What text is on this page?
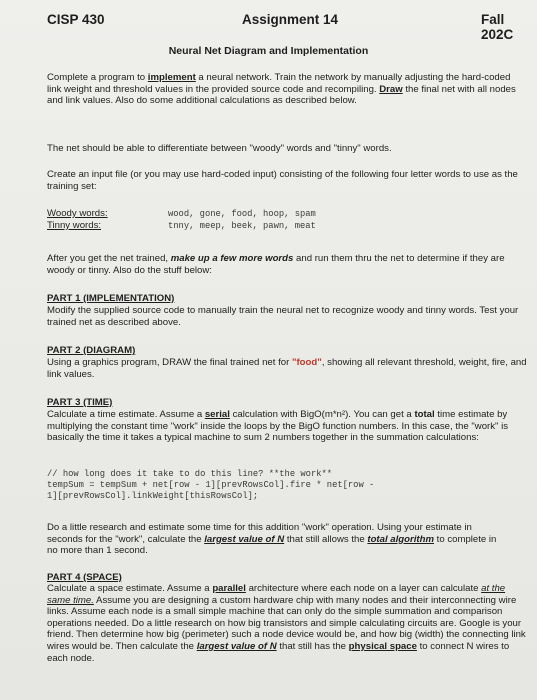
CISP 430	Assignment 14	Fall 202C
Neural Net Diagram and Implementation
Complete a program to implement a neural network. Train the network by manually adjusting the hard-coded link weight and threshold values in the provided source code and recompiling. Draw the final net with all nodes and link values. Also do some additional calculations as described below.
The net should be able to differentiate between "woody" words and "tinny" words.
Create an input file (or you may use hard-coded input) consisting of the following four letter words to use as the training set:
Woody words:	wood, gone, food, hoop, spam
Tinny words:	tnny, meep, beek, pawn, meat
After you get the net trained, make up a few more words and run them thru the net to determine if they are woody or tinny. Also do the stuff below:
PART 1 (IMPLEMENTATION)
Modify the supplied source code to manually train the neural net to recognize woody and tinny words. Test your trained net as described above.
PART 2 (DIAGRAM)
Using a graphics program, DRAW the final trained net for "food", showing all relevant threshold, weight, fire, and link values.
PART 3 (TIME)
Calculate a time estimate. Assume a serial calculation with BigO(m*n²). You can get a total time estimate by multiplying the constant time "work" inside the loops by the BigO function numbers. In this case, the "work" is basically the time it takes a typical machine to sum 2 numbers together in the summation calculations:
// how long does it take to do this line? **the work**
tempSum = tempSum + net[row - 1][prevRowsCol].fire * net[row -
1][prevRowsCol].linkWeight[thisRowsCol];
Do a little research and estimate some time for this addition "work" operation. Using your estimate in seconds for the "work", calculate the largest value of N that still allows the total algorithm to complete in no more than 1 second.
PART 4 (SPACE)
Calculate a space estimate. Assume a parallel architecture where each node on a layer can calculate at the same time. Assume you are designing a custom hardware chip with many nodes and their interconnecting wire links. Assume each node is a small simple machine that can only do the simple summation and comparison operations needed. Do a little research on how big transistors and simple calculating circuits are. Google is your friend. Then determine how big (perimeter) such a node device would be, and how big (width) the connecting link wires would be. Then calculate the largest value of N that still has the physical space to connect N wires to each node.
